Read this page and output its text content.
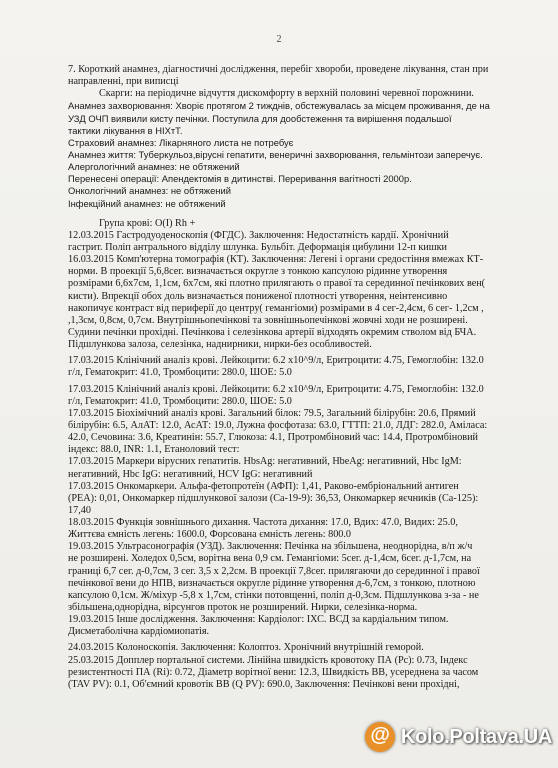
2
7. Короткий анамнез, діагностичні дослідження, перебіг хвороби, проведене лікування, стан при
направленні, при виписці
Скарги: на періодичне відчуття дискомфорту в верхній половині черевної порожнини.
Анамнез захворювання: Хворіє протягом 2 тижднів, обстежувалась за місцем проживання, де на
УЗД ОЧП виявили кисту печінки. Поступила для дообстеження та вирішення подальшої
тактики лікування в НІХтТ.
Страховий анамнез: Лікарняного листа не потребує
Анамнез життя: Туберкульоз,вірусні гепатити, венеричні захворювання, гельмінтози заперечує.
Алергологічний анамнез: не обтяжений
Перенесені операції: Апендектомія в дитинстві. Переривання вагітності 2000р.
Онкологічний анамнез: не обтяжений
Інфекційний анамнез: не обтяжений
Група крові: O(I) Rh +
12.03.2015 Гастродуоденоскопія (ФГДС). Заключення: Недостатність кардії. Хронічний
гастрит. Поліп антрального відділу шлунка. Бульбіт. Деформація цибулини 12-п кишки
16.03.2015 Комп'ютерна томографія (КТ). Заключення: Легені і органи средостіння вмежах КТ-
норми. В проекції 5,6,8сег. визначається округле з тонкою капсулою рідинне утворення
розмірами 6,6х7см, 1,1см, 6х7см, які плотно прилягають о правої та серединної печінкових вен(
кисти). Впрекції обох доль визначається пониженої плотності утворення, неінтенсивно
накопичує контраст від периферії до центру( гемангіоми) розмірами в 4 сег-2,4см, 6 сег- 1,2см ,
,1,3см, 0,8см, 0,7см. Внутрішньопечінкові та зовнішньопечінкові жовчні ходи не розширені.
Судини печінки прохідні. Печінкова і селезінкова артерії відходять окремим стволом від БЧА.
Підшлункова залоза, селезінка, наднирники, нирки-без особливостей.
17.03.2015 Клінічний аналіз крові. Лейкоцити: 6.2 х10^9/л, Еритроцити: 4.75, Гемоглобін: 132.0
г/л, Гематокрит: 41.0, Тромбоцити: 280.0, ШОЕ: 5.0
17.03.2015 Клінічний аналіз крові. Лейкоцити: 6.2 х10^9/л, Еритроцити: 4.75, Гемоглобін: 132.0
г/л, Гематокрит: 41.0, Тромбоцити: 280.0, ШОЕ: 5.0
17.03.2015 Біохімічний аналіз крові. Загальний білок: 79.5, Загальний білірубін: 20.6, Прямий
білірубін: 6.5, АлАТ: 12.0, АсАТ: 19.0, Лужна фосфотаза: 63.0, ГТТП: 21.0, ЛДГ: 282.0, Аміласа:
42.0, Сечовина: 3.6, Креатинін: 55.7, Глюкоза: 4.1, Протромбіновий час: 14.4, Протромбіновий
індекс: 88.0, INR: 1.1, Етаноловий тест:
17.03.2015 Маркери вірусних гепатитів. HbsAg: негативний, HbeAg: негативний, Hbc IgM:
негативний, Hbc IgG: негативний, HCV IgG: негативний
17.03.2015 Онкомаркери. Альфа-фетопротеїн (АФП): 1,41, Раково-ембріональний антиген
(РЕА): 0,01, Онкомаркер підшлункової залози (Са-19-9): 36,53, Онкомаркер яєчників (Са-125):
17,40
18.03.2015 Функція зовнішнього дихання. Частота дихання: 17.0, Вдих: 47.0, Видих: 25.0,
Життєва ємність легень: 1600.0, Форсована ємність легень: 800.0
19.03.2015 Ультрасонографія (УЗД). Заключення: Печінка на збільшена, неоднорідна, в/п ж/ч
не розширені. Холедох 0,5см, ворітна вена 0,9 см. Гемангіоми: 5сег. д-1,4см, 6сег. д-1,7см, на
границі 6,7 сег. д-0,7см, 3 сег. 3,5 х 2,2см. В проекції 7,8сег. прилягаючи до серединної і правої
печінкової вени до НПВ, визначається округле рідинне утворення д-6,7см, з тонкою, плотною
капсулою 0,1см. Ж/міхур -5,8 х 1,7см, стінки потовщенні, поліп д-0,3см. Підшлункова з-за - не
збільшена,однорідна, вірсунгов проток не розширений. Нирки, селезінка-норма.
19.03.2015 Інше дослідження. Заключення: Кардіолог: ІХС. ВСД за кардіальним типом.
Дисметаболічна кардіомиопатія.
24.03.2015 Колоноскопія. Заключення: Колоптоз. Хронічний внутрішній геморой.
25.03.2015 Допплер портальної системи. Лінійна швидкість кровотоку ПА (Рс): 0.73, Індекс
резистентності ПА (Ri): 0.72, Діаметр ворітної вени: 12.3, Швидкість ВВ, усереднена за часом
(TAV PV): 0.1, Об'ємний кровотік ВВ (Q PV): 690.0, Заключення: Печінкові вени прохідні,
@
Kolo.Poltava.UA
